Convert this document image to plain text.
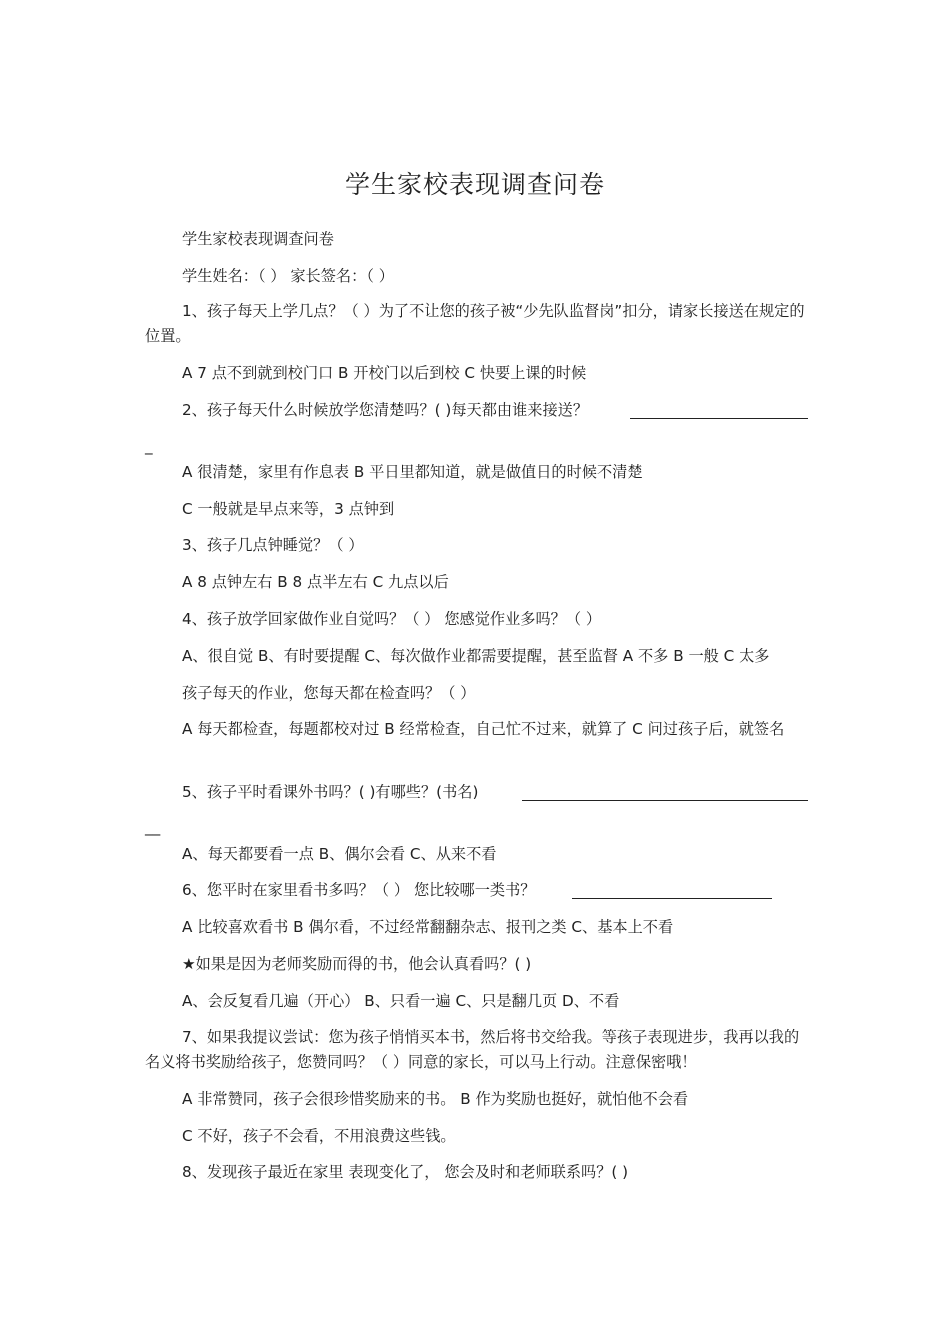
学生家校表现调查问卷
学生家校表现调查问卷
学生姓名：（ ） 家长签名：（ ）
1、孩子每天上学几点？（ ）为了不让您的孩子被“少先队监督岗”扣分，请家长接送在规定的位置。
A 7 点不到就到校门口 B 开校门以后到校 C 快要上课的时候
2、孩子每天什么时候放学您清楚吗？( )每天都由谁来接送？
_
A 很清楚，家里有作息表 B 平日里都知道，就是做值日的时候不清楚
C 一般就是早点来等，3 点钟到
3、孩子几点钟睡觉？（ ）
A 8 点钟左右 B 8 点半左右 C 九点以后
4、孩子放学回家做作业自觉吗？（ ） 您感觉作业多吗？（ ）
A、很自觉 B、有时要提醒 C、每次做作业都需要提醒，甚至监督 A 不多 B 一般 C 太多
孩子每天的作业，您每天都在检查吗？（ ）
A 每天都检查，每题都校对过 B 经常检查，自己忙不过来，就算了 C 问过孩子后，就签名
5、孩子平时看课外书吗？( )有哪些？(书名)
__
A、每天都要看一点 B、偶尔会看 C、从来不看
6、您平时在家里看书多吗？（ ） 您比较哪一类书？
A 比较喜欢看书 B 偶尔看，不过经常翻翻杂志、报刊之类 C、基本上不看
★如果是因为老师奖励而得的书，他会认真看吗？( )
A、会反复看几遍（开心） B、只看一遍 C、只是翻几页 D、不看
7、如果我提议尝试：您为孩子悄悄买本书，然后将书交给我。等孩子表现进步，我再以我的名义将书奖励给孩子，您赞同吗？（ ）同意的家长，可以马上行动。注意保密哦！
A 非常赞同，孩子会很珍惜奖励来的书。 B 作为奖励也挺好，就怕他不会看
C 不好，孩子不会看，不用浪费这些钱。
8、发现孩子最近在家里 表现变化了， 您会及时和老师联系吗？( )
